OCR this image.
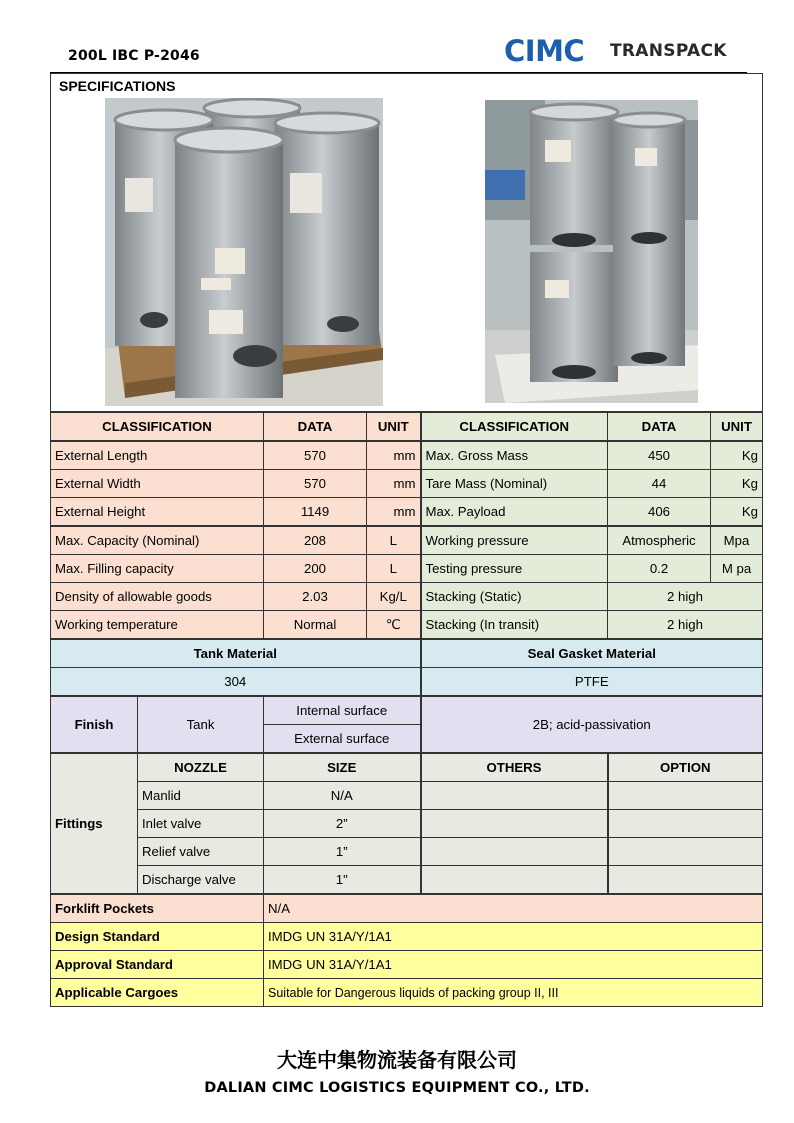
200L IBC P-2046	CIMC TRANSPACK
SPECIFICATIONS						

CLASSIFICATION		DATA	UNIT	CLASSIFICATION	DATA	UNIT
External Length		570	mm	Max. Gross Mass	450	Kg
External Width		570	mm	Tare Mass (Nominal)	44	Kg
External Height		1149	mm	Max. Payload	406	Kg
Max. Capacity (Nominal)		208	L	Working pressure	Atmospheric	Mpa
Max. Filling capacity		200	L	Testing pressure	0.2	M pa
Density of allowable goods		2.03	Kg/L	Stacking (Static)	2 high	
Working temperature		Normal	℃	Stacking (In transit)	2 high	
Tank Material				Seal Gasket Material		
304				PTFE		
Finish	Tank	Internal surface		2B; acid-passivation		
		External surface				
Fittings	NOZZLE	SIZE		OTHERS	OPTION	
	Manlid	N/A				
	Inlet valve	2”				
	Relief valve	1”				
	Discharge valve	1"				
Forklift Pockets		N/A				
Design Standard		IMDG UN 31A/Y/1A1				
Approval Standard		IMDG UN 31A/Y/1A1				
Applicable Cargoes		Suitable for Dangerous liquids of packing group II, III				
大连中集物流装备有限公司
DALIAN CIMC LOGISTICS EQUIPMENT CO., LTD.
